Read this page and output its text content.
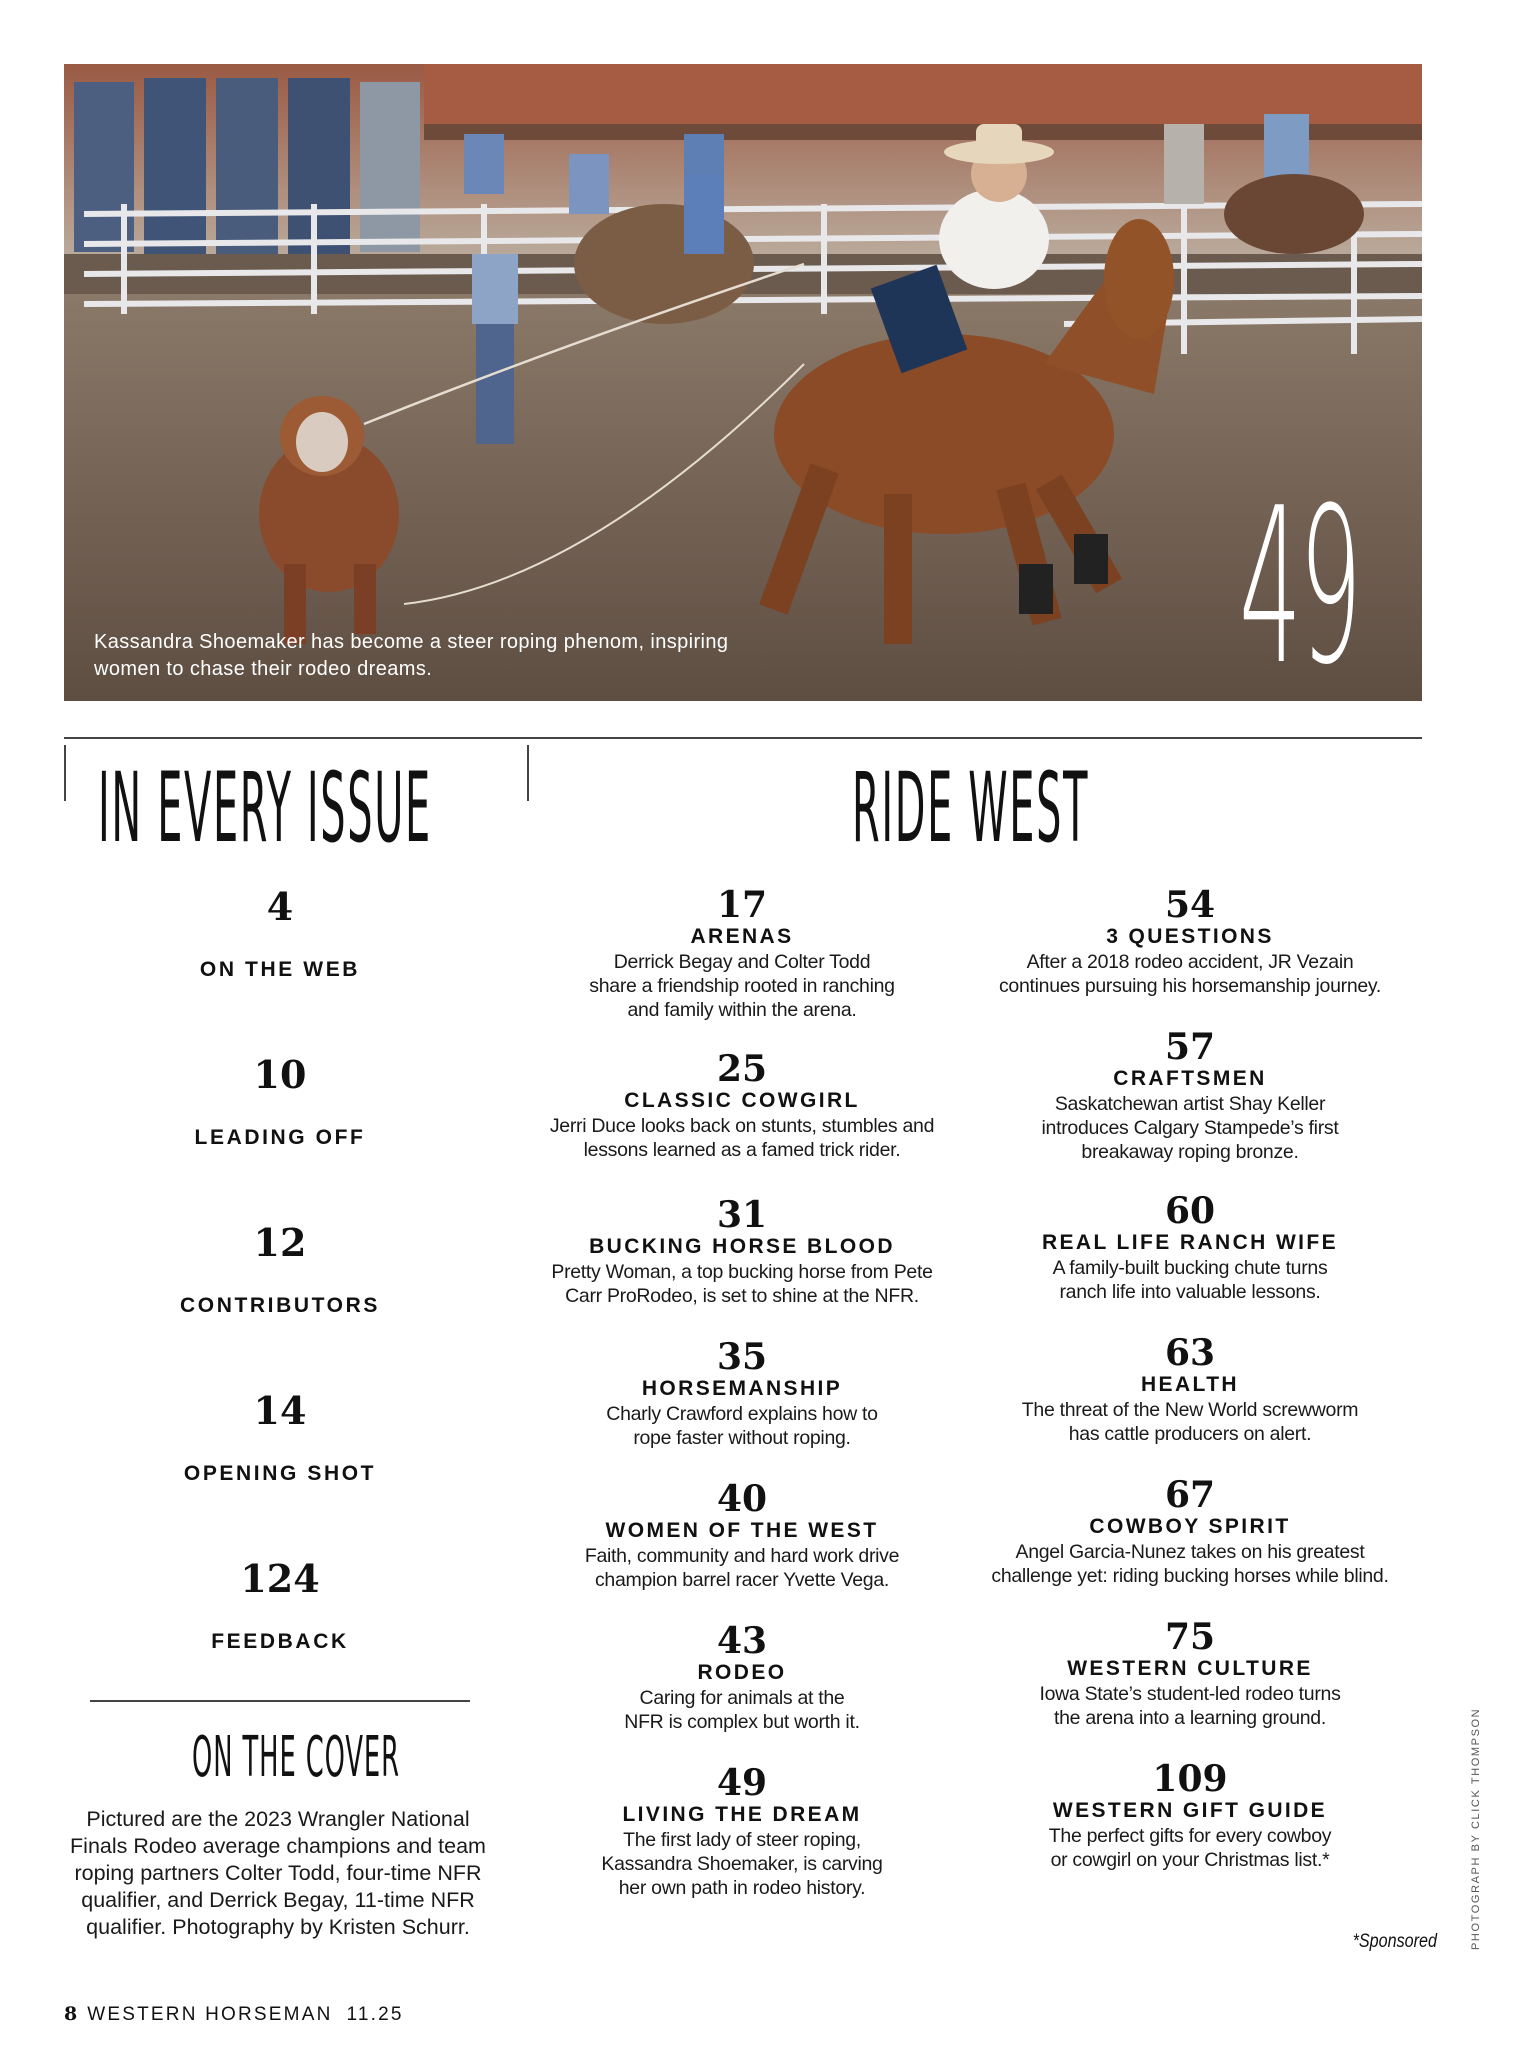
Kassandra Shoemaker has become a steer roping phenom, inspiring women to chase their rodeo dreams.	49
IN EVERY ISSUE
4
ON THE WEB
10
LEADING OFF
12
CONTRIBUTORS
14
OPENING SHOT
124
FEEDBACK
ON THE COVER
Pictured are the 2023 Wrangler National
Finals Rodeo average champions and team
roping partners Colter Todd, four-time NFR
qualifier, and Derrick Begay, 11-time NFR
qualifier. Photography by Kristen Schurr.
RIDE WEST
17
ARENAS
Derrick Begay and Colter Todd
share a friendship rooted in ranching
and family within the arena.
25
CLASSIC COWGIRL
Jerri Duce looks back on stunts, stumbles and
lessons learned as a famed trick rider.
31
BUCKING HORSE BLOOD
Pretty Woman, a top bucking horse from Pete
Carr ProRodeo, is set to shine at the NFR.
35
HORSEMANSHIP
Charly Crawford explains how to
rope faster without roping.
40
WOMEN OF THE WEST
Faith, community and hard work drive
champion barrel racer Yvette Vega.
43
RODEO
Caring for animals at the
NFR is complex but worth it.
49
LIVING THE DREAM
The first lady of steer roping,
Kassandra Shoemaker, is carving
her own path in rodeo history.
54
3 QUESTIONS
After a 2018 rodeo accident, JR Vezain
continues pursuing his horsemanship journey.
57
CRAFTSMEN
Saskatchewan artist Shay Keller
introduces Calgary Stampede’s first
breakaway roping bronze.
60
REAL LIFE RANCH WIFE
A family-built bucking chute turns
ranch life into valuable lessons.
63
HEALTH
The threat of the New World screwworm
has cattle producers on alert.
67
COWBOY SPIRIT
Angel Garcia-Nunez takes on his greatest
challenge yet: riding bucking horses while blind.
75
WESTERN CULTURE
Iowa State’s student-led rodeo turns
the arena into a learning ground.
109
WESTERN GIFT GUIDE
The perfect gifts for every cowboy
or cowgirl on your Christmas list.*
*Sponsored	PHOTOGRAPH BY CLICK THOMPSON
8 WESTERN HORSEMAN 11.25
